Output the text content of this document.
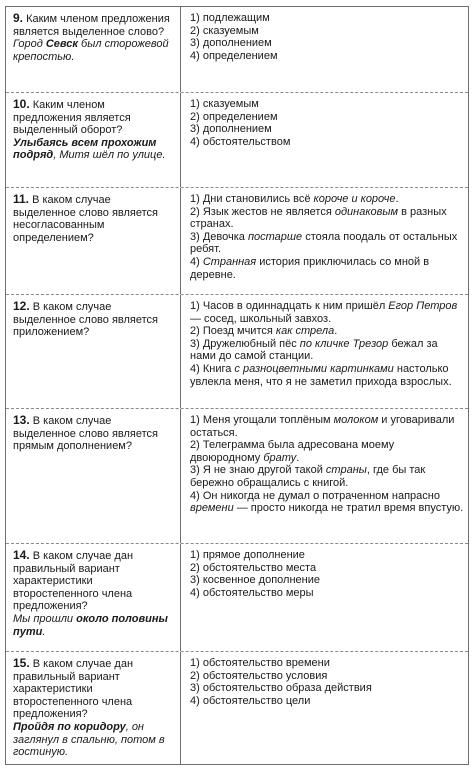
9. Каким членом предложения является выделенное слово?

Город Севск был сторожевой крепостью.

1) подлежащим

2) сказуемым

3) дополнением

4) определением

10. Каким членом предложения является выделенный оборот?

Улыбаясь всем прохожим подряд, Митя шёл по улице.

1) сказуемым

2) определением

3) дополнением

4) обстоятельством

11. В каком случае выделенное слово является несогласованным определением?

1) Дни становились всё короче и короче.

2) Язык жестов не является одинаковым в разных странах.

3) Девочка постарше стояла поодаль от остальных ребят.

4) Странная история приключилась со мной в деревне.

12. В каком случае выделенное слово является приложением?

1) Часов в одиннадцать к ним пришёл Егор Петров — сосед, школьный завхоз.

2) Поезд мчится как стрела.

3) Дружелюбный пёс по кличке Трезор бежал за нами до самой станции.

4) Книга с разноцветными картинками настолько увлекла меня, что я не заметил прихода взрослых.

13. В каком случае выделенное слово является прямым дополнением?

1) Меня угощали топлёным молоком и уговаривали остаться.

2) Телеграмма была адресована моему двоюродному брату.

3) Я не знаю другой такой страны, где бы так бережно обращались с книгой.

4) Он никогда не думал о потраченном напрасно времени — просто никогда не тратил время впустую.

14. В каком случае дан правильный вариант характеристики второстепенного члена предложения?

Мы прошли около половины пути.

1) прямое дополнение

2) обстоятельство места

3) косвенное дополнение

4) обстоятельство меры

15. В каком случае дан правильный вариант характеристики второстепенного члена предложения?

Пройдя по коридору, он заглянул в спальню, потом в гостиную.

1) обстоятельство времени

2) обстоятельство условия

3) обстоятельство образа действия

4) обстоятельство цели
